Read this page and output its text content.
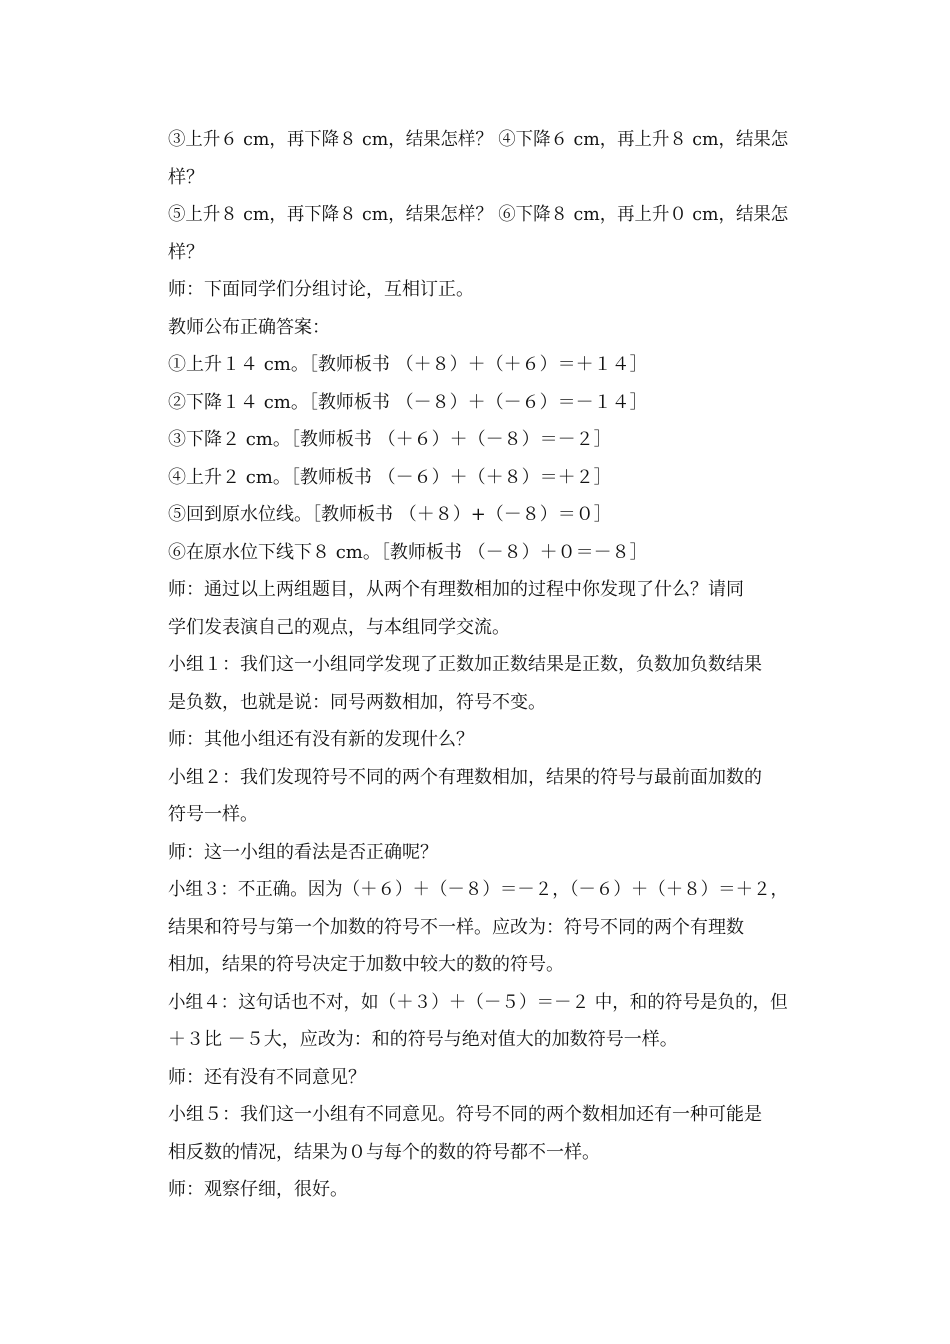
③上升６ cm，再下降８ cm，结果怎样？ ④下降６ cm，再上升８ cm，结果怎
样？
⑤上升８ cm，再下降８ cm，结果怎样？ ⑥下降８ cm，再上升０ cm，结果怎
样？
师：下面同学们分组讨论，互相订正。
教师公布正确答案：
①上升１４ cm。［教师板书 （＋８）＋（＋６）＝＋１４］
②下降１４ cm。［教师板书 （－８）＋（－６）＝－１４］
③下降２ cm。［教师板书 （＋６）＋（－８）＝－２］
④上升２ cm。［教师板书 （－６）＋（＋８）＝＋２］
⑤回到原水位线。［教师板书 （＋８）+（－８）＝０］
⑥在原水位下线下８ cm。［教师板书 （－８）＋０＝－８］
师：通过以上两组题目，从两个有理数相加的过程中你发现了什么？请同
学们发表演自己的观点，与本组同学交流。
小组１：我们这一小组同学发现了正数加正数结果是正数，负数加负数结果
是负数，也就是说：同号两数相加，符号不变。
师：其他小组还有没有新的发现什么？
小组２：我们发现符号不同的两个有理数相加，结果的符号与最前面加数的
符号一样。
师：这一小组的看法是否正确呢？
小组３：不正确。因为（＋６）＋（－８）＝－２，（－６）＋（＋８）＝＋２，
结果和符号与第一个加数的符号不一样。应改为：符号不同的两个有理数
相加，结果的符号决定于加数中较大的数的符号。
小组４：这句话也不对，如（＋３）＋（－５）＝－２ 中，和的符号是负的，但
＋３比 －５大，应改为：和的符号与绝对值大的加数符号一样。
师：还有没有不同意见？
小组５：我们这一小组有不同意见。符号不同的两个数相加还有一种可能是
相反数的情况，结果为０与每个的数的符号都不一样。
师：观察仔细，很好。
